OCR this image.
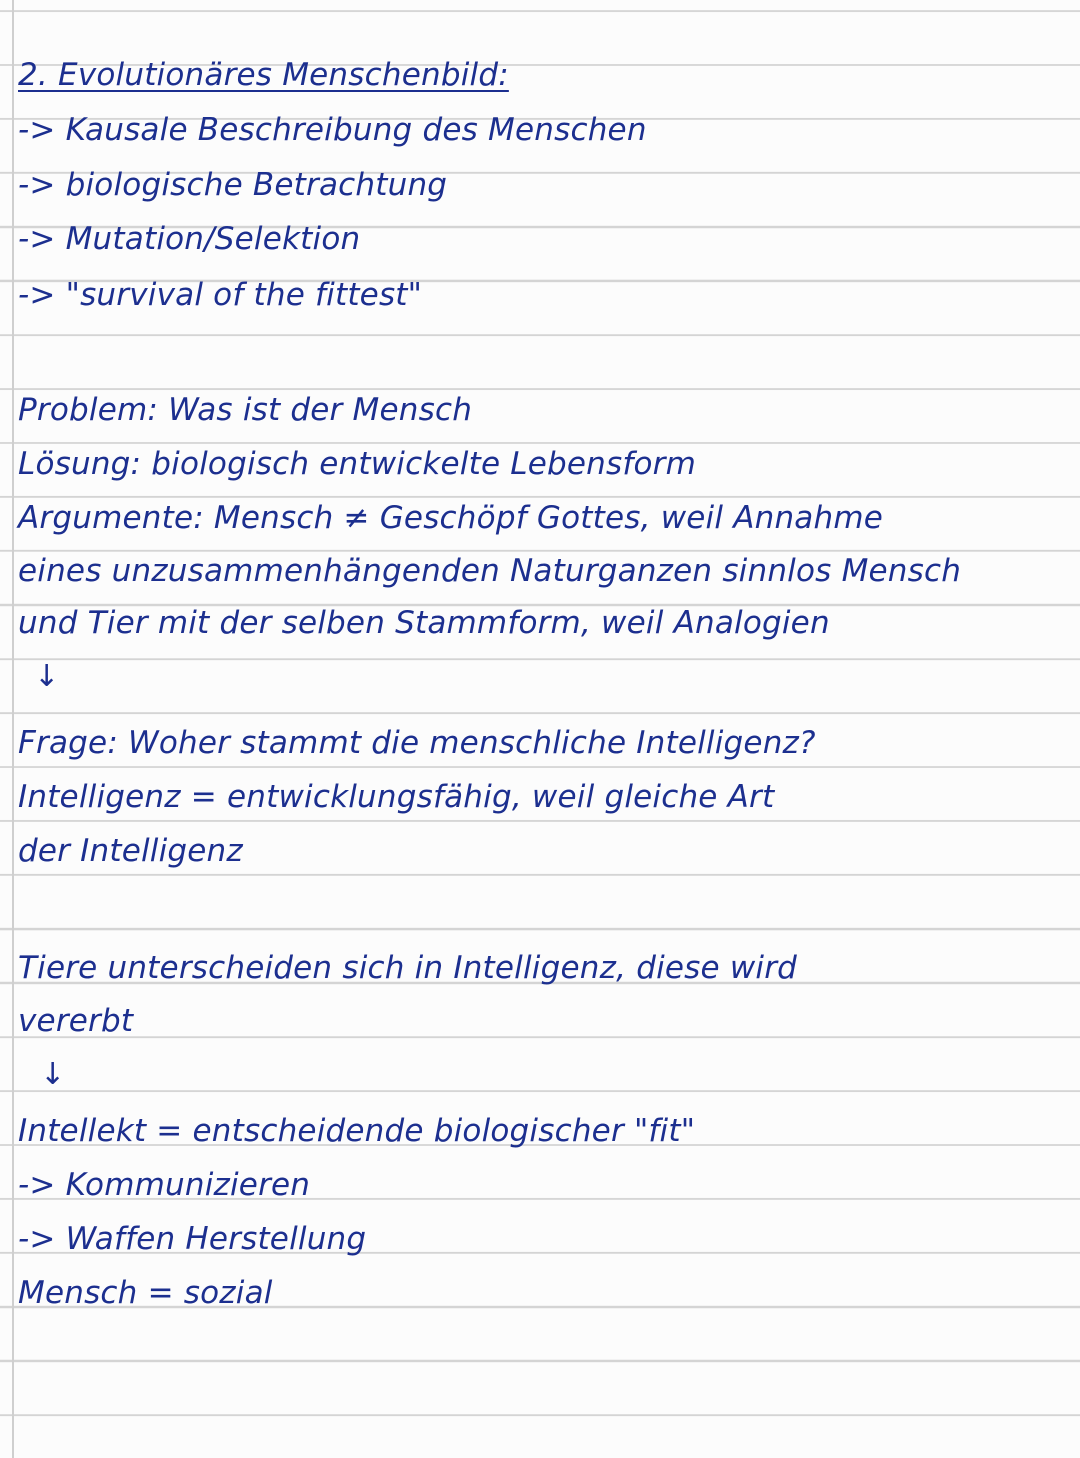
2. Evolutionäres Menschenbild:
-> Kausale Beschreibung des Menschen
-> biologische Betrachtung
-> Mutation/Selektion
-> "survival of the fittest"
Problem: Was ist der Mensch
Lösung: biologisch entwickelte Lebensform
Argumente: Mensch ≠ Geschöpf Gottes, weil Annahme
eines unzusammenhängenden Naturganzen sinnlos Mensch
und Tier mit der selben Stammform, weil Analogien
↓
Frage: Woher stammt die menschliche Intelligenz?
Intelligenz = entwicklungsfähig, weil gleiche Art
der Intelligenz
Tiere unterscheiden sich in Intelligenz, diese wird
vererbt
↓
Intellekt = entscheidende biologischer "fit"
-> Kommunizieren
-> Waffen Herstellung
Mensch = sozial
